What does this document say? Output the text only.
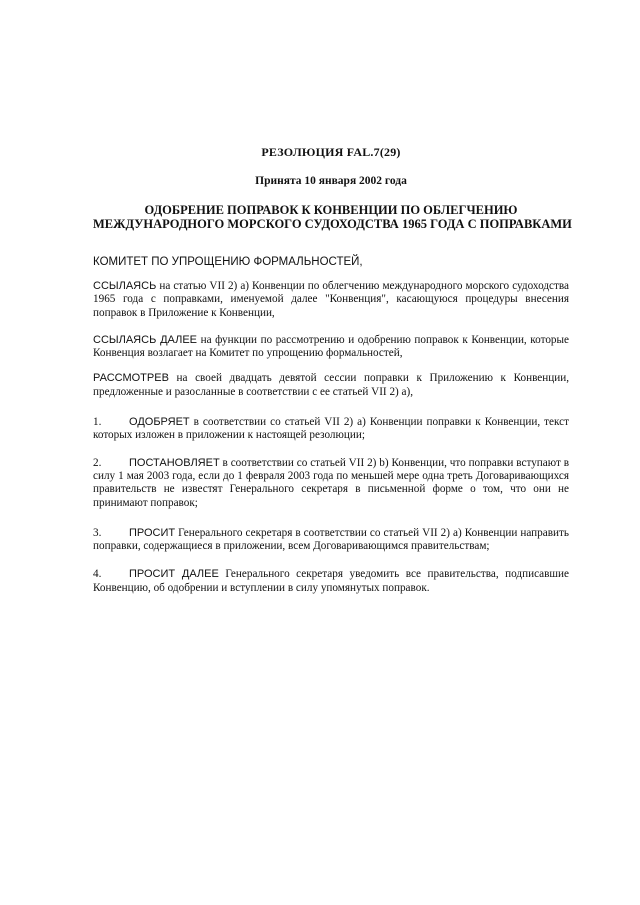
РЕЗОЛЮЦИЯ FAL.7(29)

Принята 10 января 2002 года

ОДОБРЕНИЕ ПОПРАВОК К КОНВЕНЦИИ ПО ОБЛЕГЧЕНИЮ
МЕЖДУНАРОДНОГО МОРСКОГО СУДОХОДСТВА 1965 ГОДА С ПОПРАВКАМИ

КОМИТЕТ ПО УПРОЩЕНИЮ ФОРМАЛЬНОСТЕЙ,

ССЫЛАЯСЬ на статью VII 2) а) Конвенции по облегчению международного морского судоходства 1965 года с поправками, именуемой далее "Конвенция", касающуюся процедуры внесения поправок в Приложение к Конвенции,

ССЫЛАЯСЬ ДАЛЕЕ на функции по рассмотрению и одобрению поправок к Конвенции, которые Конвенция возлагает на Комитет по упрощению формальностей,

РАССМОТРЕВ на своей двадцать девятой сессии поправки к Приложению к Конвенции, предложенные и разосланные в соответствии с ее статьей VII 2) а),

1.	ОДОБРЯЕТ в соответствии со статьей VII 2) а) Конвенции поправки к Конвенции, текст которых изложен в приложении к настоящей резолюции;

2.	ПОСТАНОВЛЯЕТ в соответствии со статьей VII 2) b) Конвенции, что поправки вступают в силу 1 мая 2003 года, если до 1 февраля 2003 года по меньшей мере одна треть Договаривающихся правительств не известят Генерального секретаря в письменной форме о том, что они не принимают поправок;

3.	ПРОСИТ Генерального секретаря в соответствии со статьей VII 2) а) Конвенции направить поправки, содержащиеся в приложении, всем Договаривающимся правительствам;

4.	ПРОСИТ ДАЛЕЕ Генерального секретаря уведомить все правительства, подписавшие Конвенцию, об одобрении и вступлении в силу упомянутых поправок.
